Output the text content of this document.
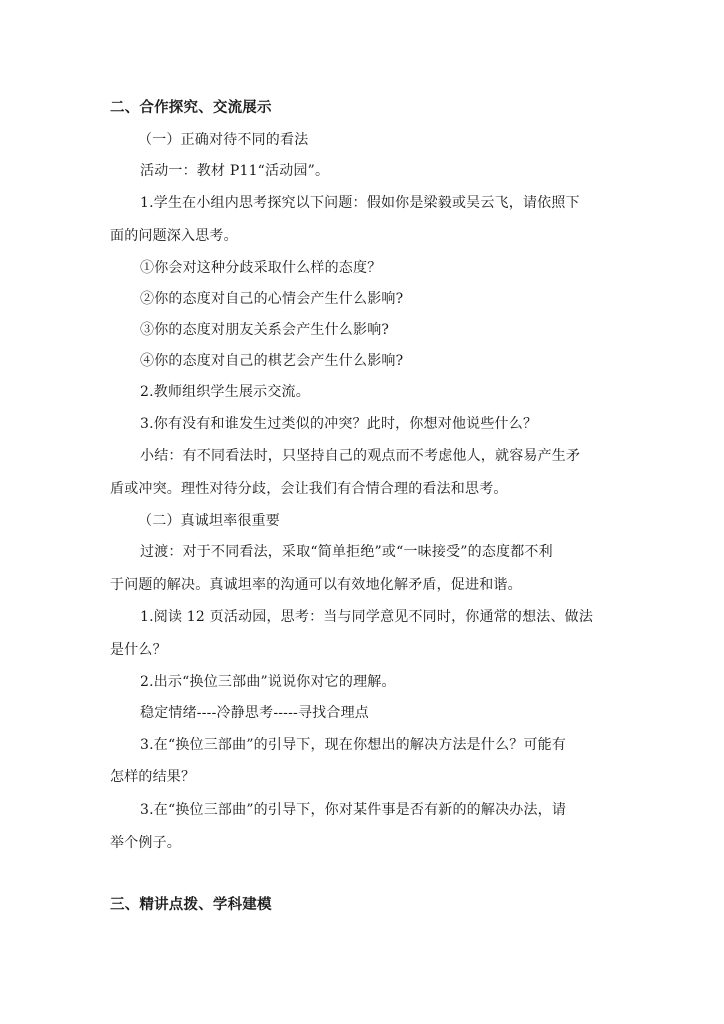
二、合作探究、交流展示
（一）正确对待不同的看法
活动一：教材 P11“活动园”。
1.学生在小组内思考探究以下问题：假如你是梁毅或吴云飞，请依照下
面的问题深入思考。
①你会对这种分歧采取什么样的态度？
②你的态度对自己的心情会产生什么影响?
③你的态度对朋友关系会产生什么影响?
④你的态度对自己的棋艺会产生什么影响?
2.教师组织学生展示交流。
3.你有没有和谁发生过类似的冲突？此时，你想对他说些什么？
小结：有不同看法时，只坚持自己的观点而不考虑他人，就容易产生矛
盾或冲突。理性对待分歧，会让我们有合情合理的看法和思考。
（二）真诚坦率很重要
过渡：对于不同看法，采取“简单拒绝”或“一味接受”的态度都不利
于问题的解决。真诚坦率的沟通可以有效地化解矛盾，促进和谐。
1.阅读 12 页活动园，思考：当与同学意见不同时，你通常的想法、做法
是什么？
2.出示“换位三部曲”说说你对它的理解。
稳定情绪----冷静思考-----寻找合理点
3.在“换位三部曲”的引导下，现在你想出的解决方法是什么？可能有
怎样的结果？
3.在“换位三部曲”的引导下，你对某件事是否有新的的解决办法，请
举个例子。
三、精讲点拨、学科建模
